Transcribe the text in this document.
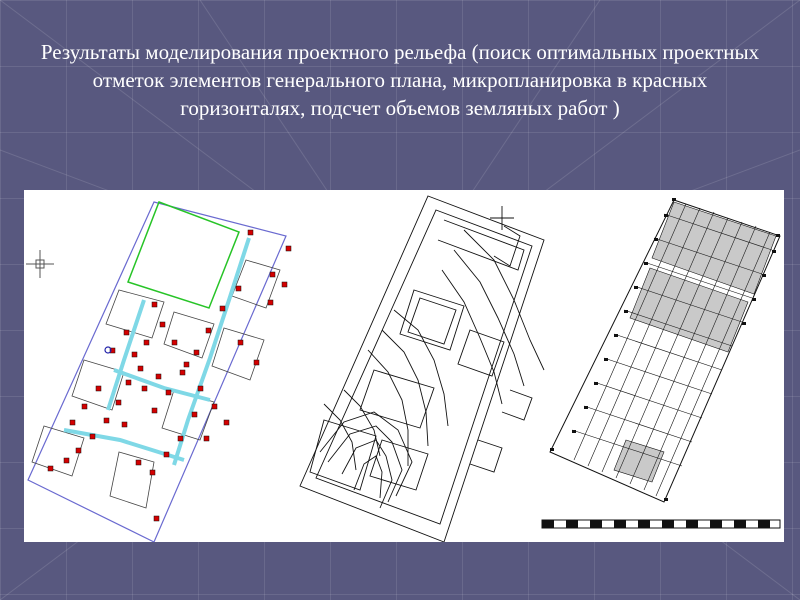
Результаты моделирования проектного рельефа (поиск оптимальных проектных отметок элементов генерального плана, микропланировка в красных горизонталях, подсчет объемов земляных работ )
